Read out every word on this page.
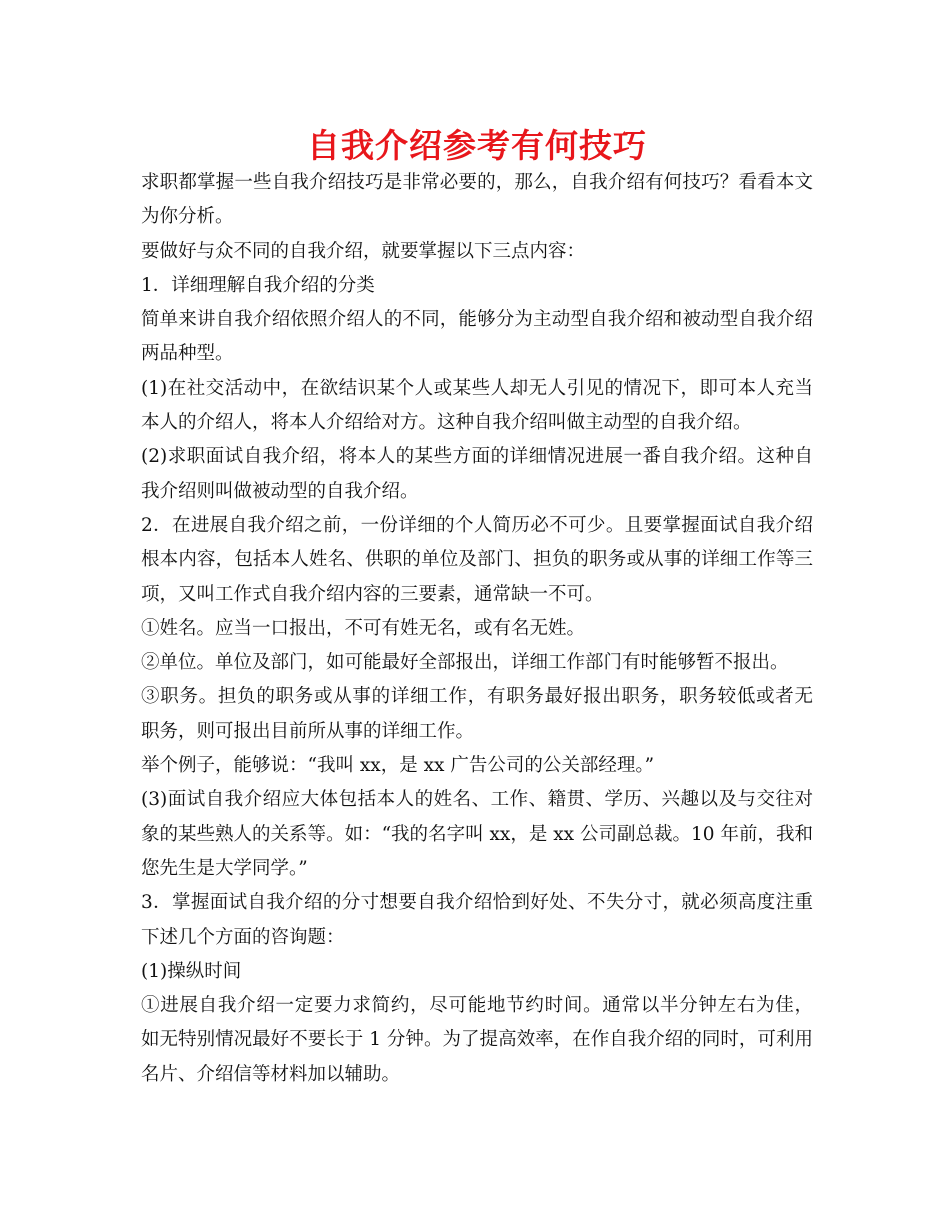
自我介绍参考有何技巧
求职都掌握一些自我介绍技巧是非常必要的，那么，自我介绍有何技巧？看看本文
为你分析。
要做好与众不同的自我介绍，就要掌握以下三点内容：
1．详细理解自我介绍的分类
简单来讲自我介绍依照介绍人的不同，能够分为主动型自我介绍和被动型自我介绍
两品种型。
(1)在社交活动中，在欲结识某个人或某些人却无人引见的情况下，即可本人充当
本人的介绍人，将本人介绍给对方。这种自我介绍叫做主动型的自我介绍。
(2)求职面试自我介绍，将本人的某些方面的详细情况进展一番自我介绍。这种自
我介绍则叫做被动型的自我介绍。
2．在进展自我介绍之前，一份详细的个人简历必不可少。且要掌握面试自我介绍
根本内容，包括本人姓名、供职的单位及部门、担负的职务或从事的详细工作等三
项，又叫工作式自我介绍内容的三要素，通常缺一不可。
①姓名。应当一口报出，不可有姓无名，或有名无姓。
②单位。单位及部门，如可能最好全部报出，详细工作部门有时能够暂不报出。
③职务。担负的职务或从事的详细工作，有职务最好报出职务，职务较低或者无
职务，则可报出目前所从事的详细工作。
举个例子，能够说：“我叫 xx，是 xx 广告公司的公关部经理。”
(3)面试自我介绍应大体包括本人的姓名、工作、籍贯、学历、兴趣以及与交往对
象的某些熟人的关系等。如：“我的名字叫 xx，是 xx 公司副总裁。10 年前，我和
您先生是大学同学。”
3．掌握面试自我介绍的分寸想要自我介绍恰到好处、不失分寸，就必须高度注重
下述几个方面的咨询题：
(1)操纵时间
①进展自我介绍一定要力求简约，尽可能地节约时间。通常以半分钟左右为佳，
如无特别情况最好不要长于 1 分钟。为了提高效率，在作自我介绍的同时，可利用
名片、介绍信等材料加以辅助。
